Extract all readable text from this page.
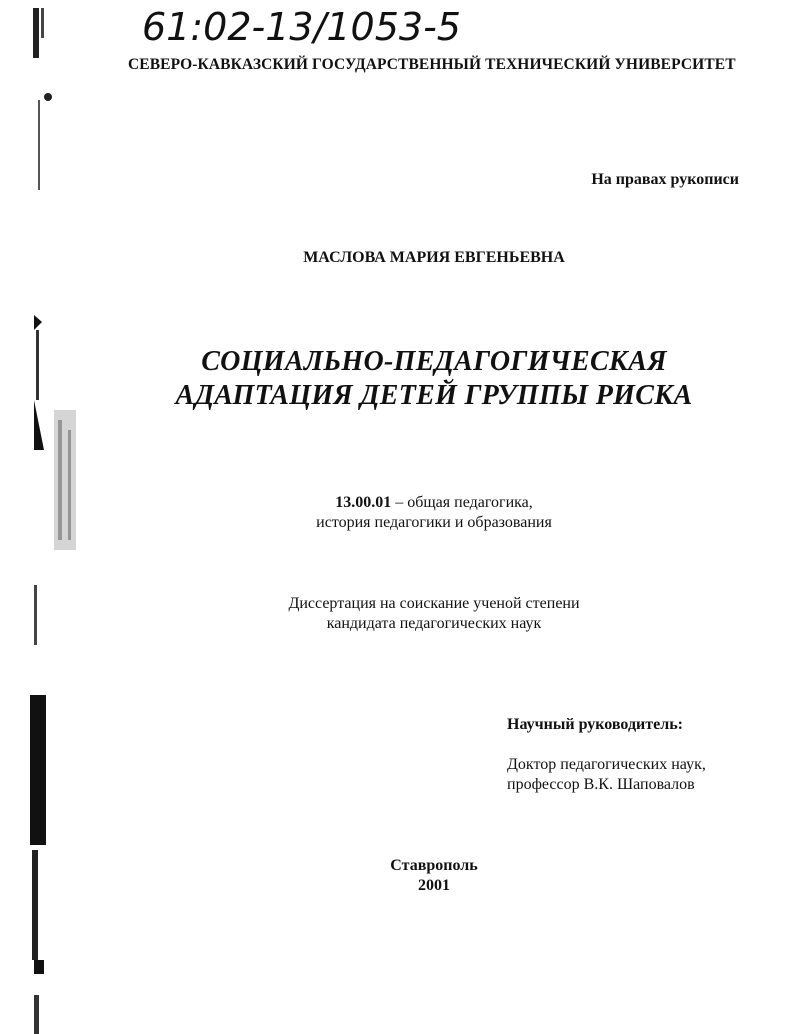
61:02-13/1053-5

СЕВЕРО-КАВКАЗСКИЙ ГОСУДАРСТВЕННЫЙ ТЕХНИЧЕСКИЙ УНИВЕРСИТЕТ

На правах рукописи

МАСЛОВА МАРИЯ ЕВГЕНЬЕВНА

СОЦИАЛЬНО-ПЕДАГОГИЧЕСКАЯ

АДАПТАЦИЯ ДЕТЕЙ ГРУППЫ РИСКА

13.00.01 – общая педагогика,

история педагогики и образования

Диссертация на соискание ученой степени

кандидата педагогических наук

Научный руководитель:

Доктор педагогических наук,

профессор В.К. Шаповалов

Ставрополь

2001
